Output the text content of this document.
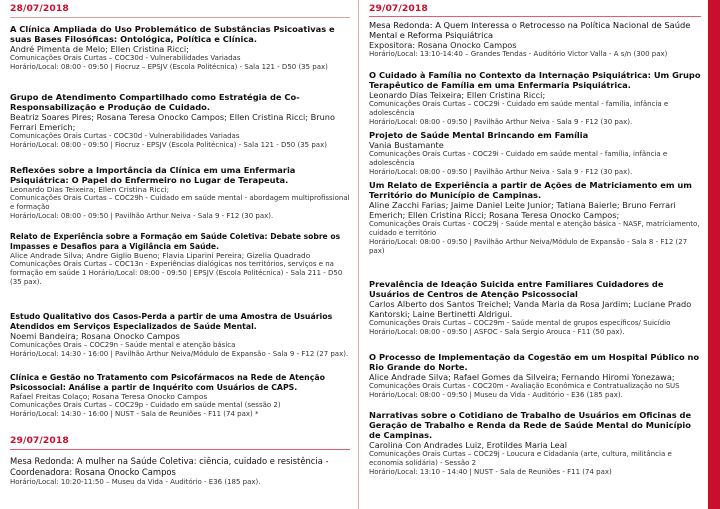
28/07/2018
A Clínica Ampliada do Uso Problemático de Substâncias Psicoativas e suas Bases Filosóficas: Ontológica, Política e Clínica.
André Pimenta de Melo; Ellen Cristina Ricci;
Comunicações Orais Curtas – COC30d - Vulnerabilidades Variadas
Horário/Local: 08:00 - 09:50 | Fiocruz – EPSJV (Escola Politécnica) - Sala 121 - D50 (35 pax)
Grupo de Atendimento Compartilhado como Estratégia de Co-Responsabilização e Produção de Cuidado.
Beatriz Soares Pires; Rosana Teresa Onocko Campos; Ellen Cristina Ricci; Bruno Ferrari Emerich;
Comunicações Orais Curtas - COC30d - Vulnerabilidades Variadas
Horário/Local: 08:00 - 09:50 | Fiocruz - EPSJV (Escola Politécnica) - Sala 121 - D50 (35 pax)
Reflexões sobre a Importância da Clínica em uma Enfermaria Psiquiátrica: O Papel do Enfermeiro no Lugar de Terapeuta.
Leonardo Dias Teixeira; Ellen Cristina Ricci;
Comunicações Orais Curtas – COC29h - Cuidado em saúde mental - abordagem multiprofissional e formação
Horário/Local: 08:00 - 09:50 | Pavilhão Arthur Neiva - Sala 9 - F12 (30 pax).
Relato de Experiência sobre a Formação em Saúde Coletiva: Debate sobre os Impasses e Desafios para a Vigilância em Saúde.
Alice Andrade Silva; Andre Giglio Bueno; Flavia Liparini Pereira; Gizelia Quadrado
Comunicações Orais Curtas – COC13n - Experiências dialógicas nos territórios, serviços e na formação em saúde 1 Horário/Local: 08:00 - 09:50 | EPSJV (Escola Politécnica) - Sala 211 - D50 (35 pax).
Estudo Qualitativo dos Casos-Perda a partir de uma Amostra de Usuários Atendidos em Serviços Especializados de Saúde Mental.
Noemi Bandeira; Rosana Onocko Campos
Comunicações Orais – COC29n - Saúde mental e atenção básica
Horário/Local: 14:30 - 16:00 | Pavilhão Arthur Neiva/Módulo de Expansão - Sala 9 - F12 (27 pax).
Clínica e Gestão no Tratamento com Psicofármacos na Rede de Atenção Psicossocial: Análise a partir de Inquérito com Usuários de CAPS.
Rafael Freitas Colaço; Rosana Teresa Onocko Campos
Comunicações Orais Curtas – COC29p - Cuidado em saúde mental (sessão 2)
Horário/Local: 14:30 - 16:00 | NUST - Sala de Reuniões - F11 (74 pax) *
29/07/2018
Mesa Redonda: A mulher na Saúde Coletiva: ciência, cuidado e resistência - Coordenadora: Rosana Onocko Campos
Horário/Local: 10:20-11:50 – Museu da Vida - Auditório - E36 (185 pax).
29/07/2018
Mesa Redonda: A Quem Interessa o Retrocesso na Política Nacional de Saúde Mental e Reforma Psiquiátrica
Expositora: Rosana Onocko Campos
Horário/Local: 13:10-14:40 – Grandes Tendas - Auditório Victor Valla - A s/n (300 pax)
O Cuidado à Família no Contexto da Internação Psiquiátrica: Um Grupo Terapêutico de Família em uma Enfermaria Psiquiátrica.
Leonardo Dias Teixeira; Ellen Cristina Ricci;
Comunicações Orais Curtas – COC29i - Cuidado em saúde mental - família, infância e adolescência
Horário/Local: 08:00 - 09:50 | Pavilhão Arthur Neiva - Sala 9 - F12 (30 pax).
Projeto de Saúde Mental Brincando em Família
Vania Bustamante
Comunicações Orais Curtas - COC29i - Cuidado em saúde mental - família, infância e adolescência
Horário/Local: 08:00 - 09:50 | Pavilhão Arthur Neiva - Sala 9 - F12 (30 pax).
Um Relato de Experiência a partir de Ações de Matriciamento em um Território do Município de Campinas.
Aline Zacchi Farias; Jaime Daniel Leite Junior; Tatiana Baierle; Bruno Ferrari Emerich; Ellen Cristina Ricci; Rosana Teresa Onocko Campos;
Comunicações Orais Curtas - COC29j - Saúde mental e atenção básica - NASF, matriciamento, cuidado e território
Horário/Local: 08:00 - 09:50 | Pavilhão Arthur Neiva/Módulo de Expansão - Sala 8 - F12 (27 pax)
Prevalência de Ideação Suicida entre Familiares Cuidadores de Usuários de Centros de Atenção Psicossocial
Carlos Alberto dos Santos Treichel; Vanda Maria da Rosa Jardim; Luciane Prado Kantorski; Laine Bertinetti Aldrigui.
Comunicações Orais Curtas – COC29m - Saúde mental de grupos específicos/ Suicídio
Horário/Local: 08:00 - 09:50 | ASFOC - Sala Sergio Arouca - F11 (50 pax).
O Processo de Implementação da Cogestão em um Hospital Público no Rio Grande do Norte.
Alice Andrade Silva; Rafael Gomes da Silveira; Fernando Hiromi Yonezawa;
Comunicações Orais Curtas - COC20m - Avaliação Econômica e Contratualização no SUS
Horário/Local: 08:00 - 09:50 | Museu da Vida - Auditório - E36 (185 pax).
Narrativas sobre o Cotidiano de Trabalho de Usuários em Oficinas de Geração de Trabalho e Renda da Rede de Saúde Mental do Município de Campinas.
Carolina Con Andrades Luiz, Erotildes Maria Leal
Comunicações Orais Curtas – COC29j - Loucura e Cidadania (arte, cultura, militância e economia solidária) - Sessão 2
Horário/Local: 13:10 - 14:40 | NUST - Sala de Reuniões - F11 (74 pax)
